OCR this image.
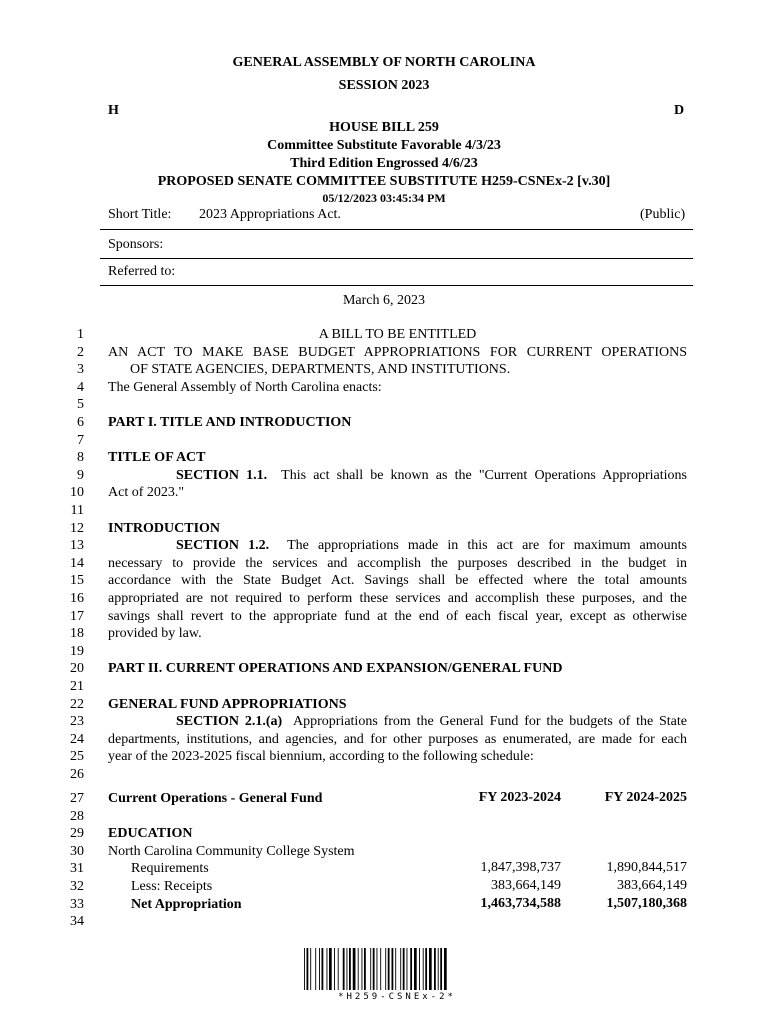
GENERAL ASSEMBLY OF NORTH CAROLINA
SESSION 2023
H	D
HOUSE BILL 259
Committee Substitute Favorable 4/3/23
Third Edition Engrossed 4/6/23
PROPOSED SENATE COMMITTEE SUBSTITUTE H259-CSNEx-2 [v.30]
05/12/2023 03:45:34 PM
Short Title: 2023 Appropriations Act.	(Public)
Sponsors:
Referred to:
March 6, 2023
1
2
3
4
5
6
7
8
9
10
11
12
13
14
15
16
17
18
19
20
21
22
23
24
25
26
27
28
29
30
31
32
33
34
A BILL TO BE ENTITLED
AN ACT TO MAKE BASE BUDGET APPROPRIATIONS FOR CURRENT OPERATIONS
OF STATE AGENCIES, DEPARTMENTS, AND INSTITUTIONS.
The General Assembly of North Carolina enacts:
PART I. TITLE AND INTRODUCTION
TITLE OF ACT
SECTION 1.1. This act shall be known as the "Current Operations Appropriations
Act of 2023."
INTRODUCTION
SECTION 1.2. The appropriations made in this act are for maximum amounts
necessary to provide the services and accomplish the purposes described in the budget in
accordance with the State Budget Act. Savings shall be effected where the total amounts
appropriated are not required to perform these services and accomplish these purposes, and the
savings shall revert to the appropriate fund at the end of each fiscal year, except as otherwise
provided by law.
PART II. CURRENT OPERATIONS AND EXPANSION/GENERAL FUND
GENERAL FUND APPROPRIATIONS
SECTION 2.1.(a) Appropriations from the General Fund for the budgets of the State
departments, institutions, and agencies, and for other purposes as enumerated, are made for each
year of the 2023-2025 fiscal biennium, according to the following schedule:
Current Operations - General Fund	FY 2023-2024	FY 2024-2025
EDUCATION
North Carolina Community College System
Requirements	1,847,398,737	1,890,844,517
Less: Receipts	383,664,149	383,664,149
Net Appropriation	1,463,734,588	1,507,180,368
*H259-CSNEx-2*
